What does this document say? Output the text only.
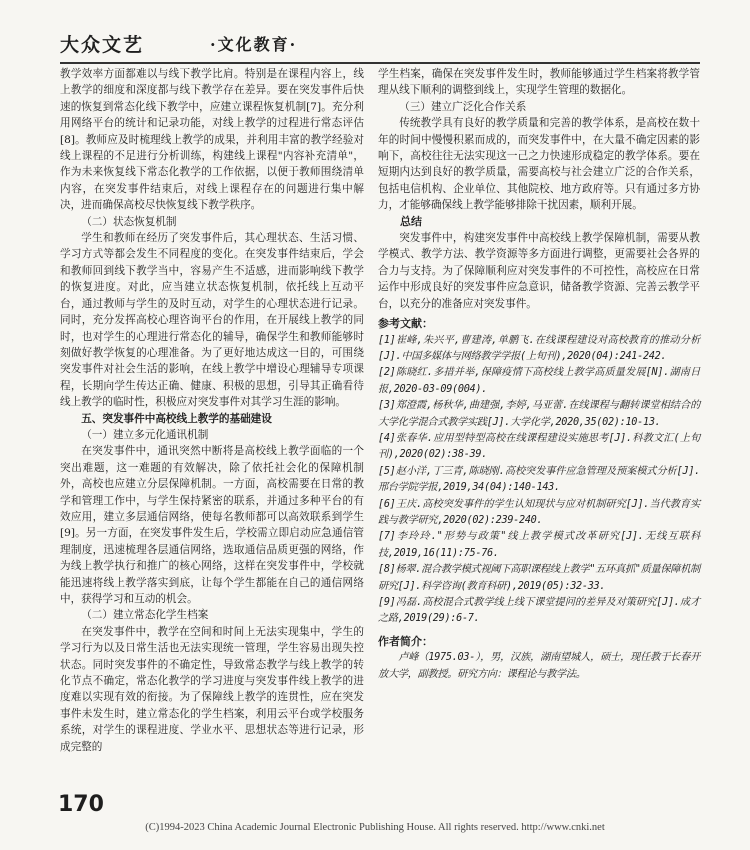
大众文艺	·文化教育·

教学效率方面都难以与线下教学比肩。特别是在课程内容上，线上教学的细度和深度都与线下教学存在差异。要在突发事件后快速的恢复到常态化线下教学中，应建立课程恢复机制[7]。充分利用网络平台的统计和记录功能，对线上教学的过程进行常态评估[8]。教师应及时梳理线上教学的成果，并利用丰富的教学经验对线上课程的不足进行分析训练，构建线上课程"内容补充清单"，作为未来恢复线下常态化教学的工作依据，以便于教师围绕清单内容，在突发事件结束后，对线上课程存在的问题进行集中解决，进而确保高校尽快恢复线下教学秩序。

（二）状态恢复机制

学生和教师在经历了突发事件后，其心理状态、生活习惯、学习方式等都会发生不同程度的变化。在突发事件结束后，学会和教师回到线下教学当中，容易产生不适感，进而影响线下教学的恢复进度。对此，应当建立状态恢复机制，依托线上互动平台，通过教师与学生的及时互动，对学生的心理状态进行记录。同时，充分发挥高校心理咨询平台的作用，在开展线上教学的同时，也对学生的心理进行常态化的辅导，确保学生和教师能够时刻做好教学恢复的心理准备。为了更好地达成这一目的，可围绕突发事件对社会生活的影响，在线上教学中增设心理辅导专项课程，长期向学生传达正确、健康、积极的思想，引导其正确看待线上教学的临时性，积极应对突发事件对其学习生涯的影响。

五、突发事件中高校线上教学的基础建设

（一）建立多元化通讯机制

在突发事件中，通讯突然中断将是高校线上教学面临的一个突出难题，这一难题的有效解决，除了依托社会化的保障机制外，高校也应建立分层保障机制。一方面，高校需要在日常的教学和管理工作中，与学生保持紧密的联系，并通过多种平台的有效应用，建立多层通信网络，使每名教师都可以高效联系到学生[9]。另一方面，在突发事件发生后，学校需立即启动应急通信管理制度，迅速梳理各层通信网络，选取通信品质更强的网络，作为线上教学执行和推广的核心网络，这样在突发事件中，学校就能迅速将线上教学落实到底，让每个学生都能在自己的通信网络中，获得学习和互动的机会。

（二）建立常态化学生档案

在突发事件中，教学在空间和时间上无法实现集中，学生的学习行为以及日常生活也无法实现统一管理，学生容易出现失控状态。同时突发事件的不确定性，导致常态教学与线上教学的转化节点不确定，常态化教学的学习进度与突发事件线上教学的进度难以实现有效的衔接。为了保障线上教学的连贯性，应在突发事件未发生时，建立常态化的学生档案，利用云平台或学校服务系统，对学生的课程进度、学业水平、思想状态等进行记录，形成完整的

学生档案，确保在突发事件发生时，教师能够通过学生档案将教学管理从线下顺利的调整到线上，实现学生管理的数据化。

（三）建立广泛化合作关系

传统教学具有良好的教学质量和完善的教学体系，是高校在数十年的时间中慢慢积累而成的，而突发事件中，在大量不确定因素的影响下，高校往往无法实现这一己之力快速形成稳定的教学体系。要在短期内达到良好的教学质量，需要高校与社会建立广泛的合作关系，包括电信机构、企业单位、其他院校、地方政府等。只有通过多方协力，才能够确保线上教学能够排除干扰因素，顺利开展。

总结

突发事件中，构建突发事件中高校线上教学保障机制，需要从教学模式、教学方法、教学资源等多方面进行调整，更需要社会各界的合力与支持。为了保障顺利应对突发事件的不可控性，高校应在日常运作中形成良好的突发事件应急意识，储备教学资源、完善云教学平台，以充分的准备应对突发事件。

参考文献：

[1]崔峰,朱兴平,曹建涛,单鹏飞.在线课程建设对高校教育的推动分析[J].中国多媒体与网络教学学报(上旬刊),2020(04):241-242.

[2]陈晓红.多措并举,保障疫情下高校线上教学高质量发展[N].湖南日报,2020-03-09(004).

[3]郑澄霞,杨秋华,曲建强,李婷,马亚蕾.在线课程与翻转课堂相结合的大学化学混合式教学实践[J].大学化学,2020,35(02):10-13.

[4]张春华.应用型特型高校在线课程建设实施思考[J].科教文汇(上旬刊),2020(02):38-39.

[5]赵小洋,丁三青,陈晓刚.高校突发事件应急管理及预案模式分析[J].邢台学院学报,2019,34(04):140-143.

[6]王庆.高校突发事件的学生认知现状与应对机制研究[J].当代教育实践与教学研究,2020(02):239-240.

[7]李玲玲."形势与政策"线上教学模式改革研究[J].无线互联科技,2019,16(11):75-76.

[8]杨翠.混合教学模式视阈下高职课程线上教学"五环真抓"质量保障机制研究[J].科学咨询(教育科研),2019(05):32-33.

[9]冯磊.高校混合式教学线上线下课堂提问的差异及对策研究[J].成才之路,2019(29):6-7.

作者简介：

卢峰（1975.03-），男，汉族，湖南望城人，硕士，现任教于长春开放大学，副教授。研究方向：课程论与教学法。

170
(C)1994-2023 China Academic Journal Electronic Publishing House. All rights reserved. http://www.cnki.net
